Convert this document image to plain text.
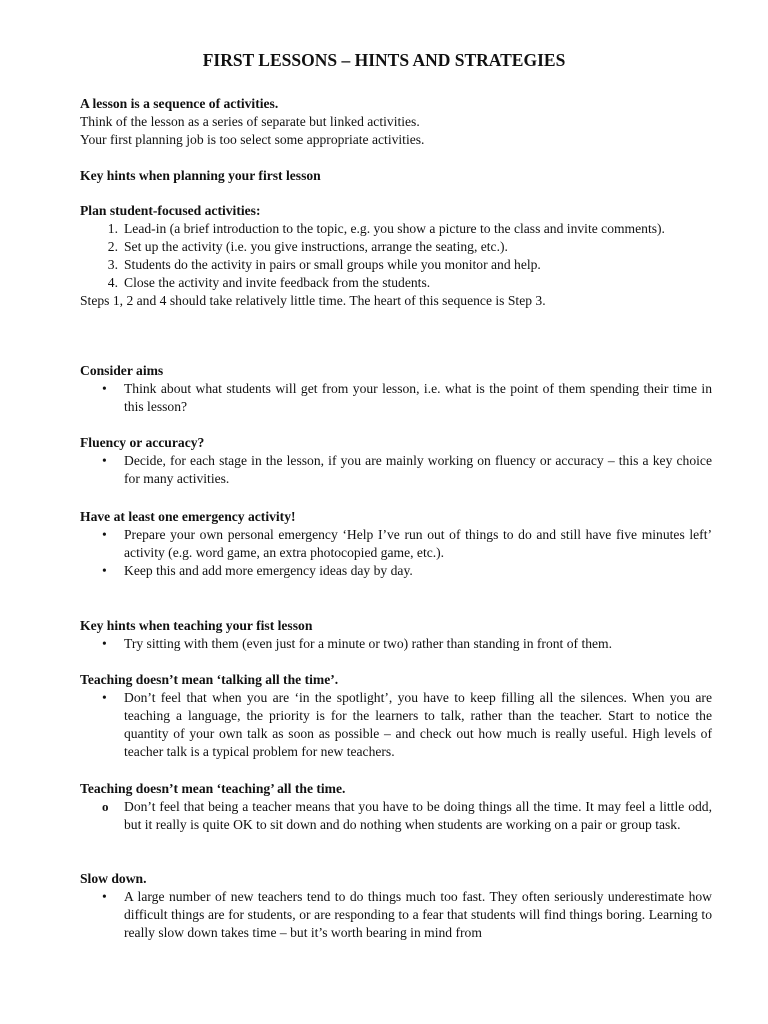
FIRST LESSONS – HINTS AND STRATEGIES
A lesson is a sequence of activities.
Think of the lesson as a series of separate but linked activities.
Your first planning job is too select some appropriate activities.
Key hints when planning your first lesson
Plan student-focused activities:
1. Lead-in (a brief introduction to the topic, e.g. you show a picture to the class and invite comments).
2. Set up the activity (i.e. you give instructions, arrange the seating, etc.).
3. Students do the activity in pairs or small groups while you monitor and help.
4. Close the activity and invite feedback from the students.
Steps 1, 2 and 4 should take relatively little time. The heart of this sequence is Step 3.
Consider aims
•	Think about what students will get from your lesson, i.e. what is the point of them spending their time in this lesson?
Fluency or accuracy?
•	Decide, for each stage in the lesson, if you are mainly working on fluency or accuracy – this a key choice for many activities.
Have at least one emergency activity!
•	Prepare your own personal emergency ‘Help I’ve run out of things to do and still have five minutes left’ activity (e.g. word game, an extra photocopied game, etc.).
•	Keep this and add more emergency ideas day by day.
Key hints when teaching your fist lesson
•	Try sitting with them (even just for a minute or two) rather than standing in front of them.
Teaching doesn’t mean ‘talking all the time’.
•	Don’t feel that when you are ‘in the spotlight’, you have to keep filling all the silences. When you are teaching a language, the priority is for the learners to talk, rather than the teacher. Start to notice the quantity of your own talk as soon as possible – and check out how much is really useful. High levels of teacher talk is a typical problem for new teachers.
Teaching doesn’t mean ‘teaching’ all the time.
o Don’t feel that being a teacher means that you have to be doing things all the time. It may feel a little odd, but it really is quite OK to sit down and do nothing when students are working on a pair or group task.
Slow down.
•	A large number of new teachers tend to do things much too fast. They often seriously underestimate how difficult things are for students, or are responding to a fear that students will find things boring. Learning to really slow down takes time – but it’s worth bearing in mind from
